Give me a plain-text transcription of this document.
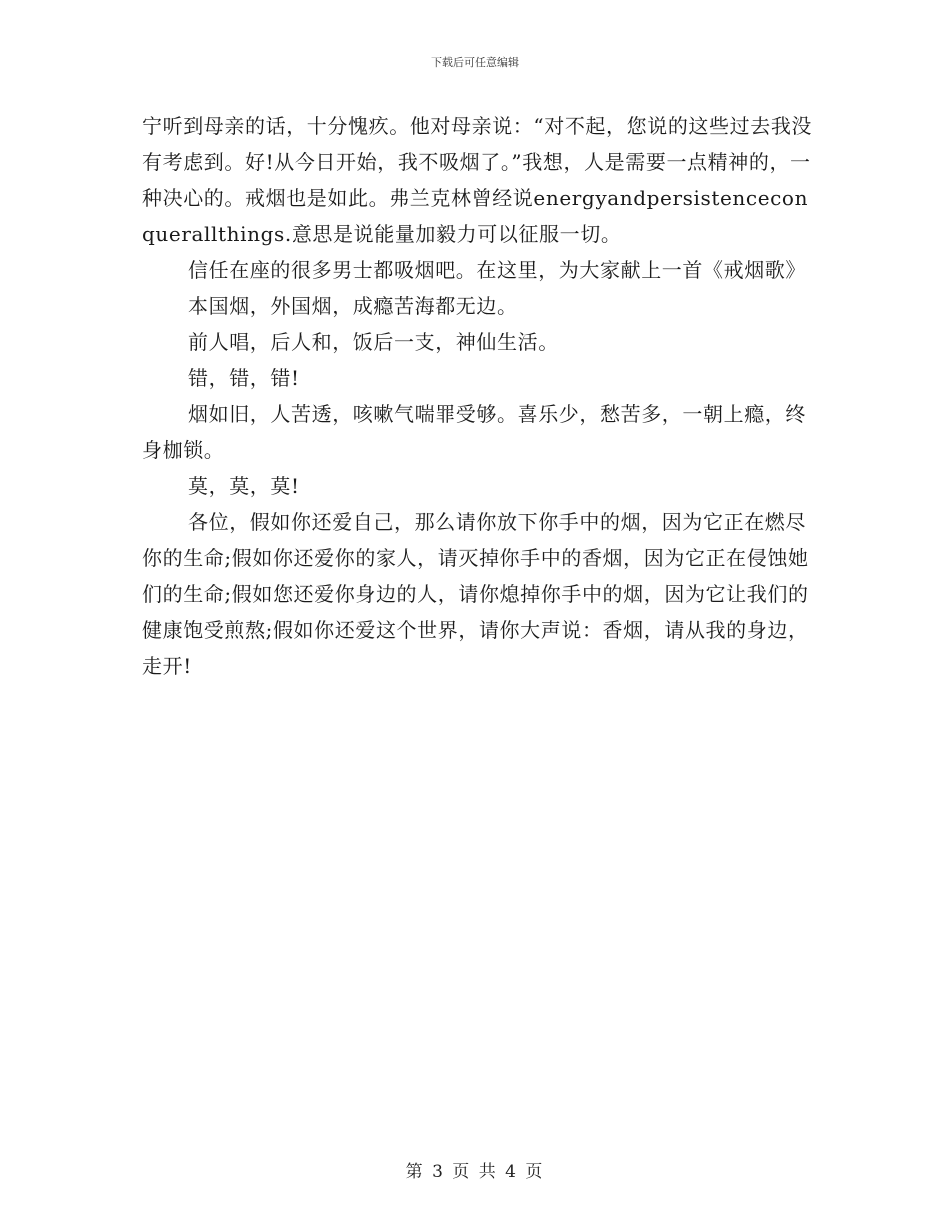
下载后可任意编辑

宁听到母亲的话，十分愧疚。他对母亲说：“对不起，您说的这些过去我没有考虑到。好!从今日开始，我不吸烟了。”我想，人是需要一点精神的，一种决心的。戒烟也是如此。弗兰克林曾经说energyandpersistenceconquerallthings.意思是说能量加毅力可以征服一切。

信任在座的很多男士都吸烟吧。在这里，为大家献上一首《戒烟歌》

本国烟，外国烟，成瘾苦海都无边。

前人唱，后人和，饭后一支，神仙生活。

错，错，错!

烟如旧，人苦透，咳嗽气喘罪受够。喜乐少，愁苦多，一朝上瘾，终身枷锁。

莫，莫，莫!

各位，假如你还爱自己，那么请你放下你手中的烟，因为它正在燃尽你的生命;假如你还爱你的家人，请灭掉你手中的香烟，因为它正在侵蚀她们的生命;假如您还爱你身边的人，请你熄掉你手中的烟，因为它让我们的健康饱受煎熬;假如你还爱这个世界，请你大声说：香烟，请从我的身边，走开!

第 3 页 共 4 页
